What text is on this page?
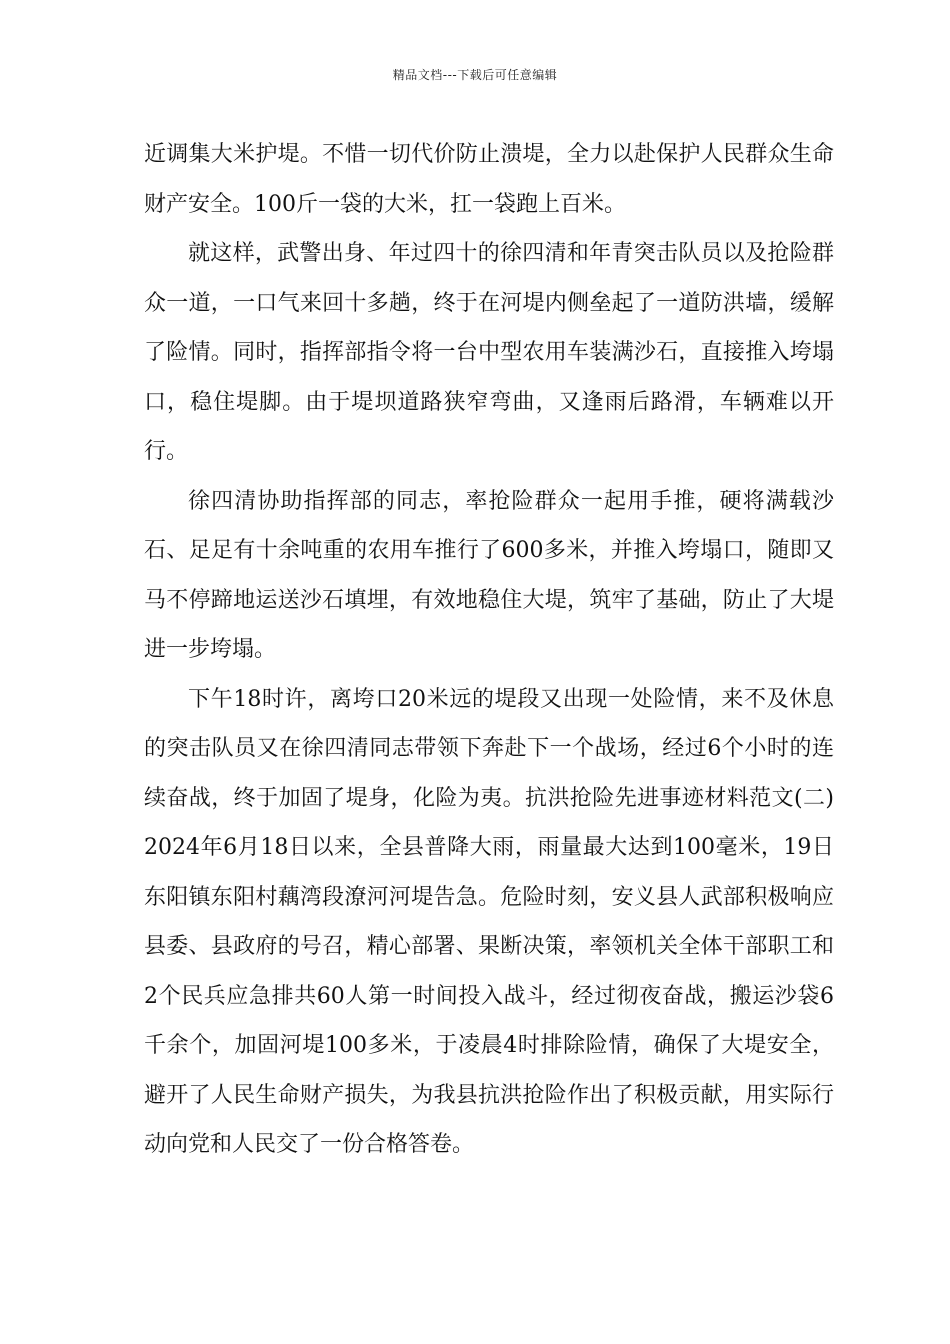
精品文档---下载后可任意编辑

近调集大米护堤。不惜一切代价防止溃堤，全力以赴保护人民群众生命财产安全。100斤一袋的大米，扛一袋跑上百米。

就这样，武警出身、年过四十的徐四清和年青突击队员以及抢险群众一道，一口气来回十多趟，终于在河堤内侧垒起了一道防洪墙，缓解了险情。同时，指挥部指令将一台中型农用车装满沙石，直接推入垮塌口，稳住堤脚。由于堤坝道路狭窄弯曲，又逢雨后路滑，车辆难以开行。

徐四清协助指挥部的同志，率抢险群众一起用手推，硬将满载沙石、足足有十余吨重的农用车推行了600多米，并推入垮塌口，随即又马不停蹄地运送沙石填埋，有效地稳住大堤，筑牢了基础，防止了大堤进一步垮塌。

下午18时许，离垮口20米远的堤段又出现一处险情，来不及休息的突击队员又在徐四清同志带领下奔赴下一个战场，经过6个小时的连续奋战，终于加固了堤身，化险为夷。抗洪抢险先进事迹材料范文(二)　　2024年6月18日以来，全县普降大雨，雨量最大达到100毫米，19日东阳镇东阳村藕湾段潦河河堤告急。危险时刻，安义县人武部积极响应县委、县政府的号召，精心部署、果断决策，率领机关全体干部职工和2个民兵应急排共60人第一时间投入战斗，经过彻夜奋战，搬运沙袋6千余个，加固河堤100多米，于凌晨4时排除险情，确保了大堤安全，避开了人民生命财产损失，为我县抗洪抢险作出了积极贡献，用实际行动向党和人民交了一份合格答卷。
